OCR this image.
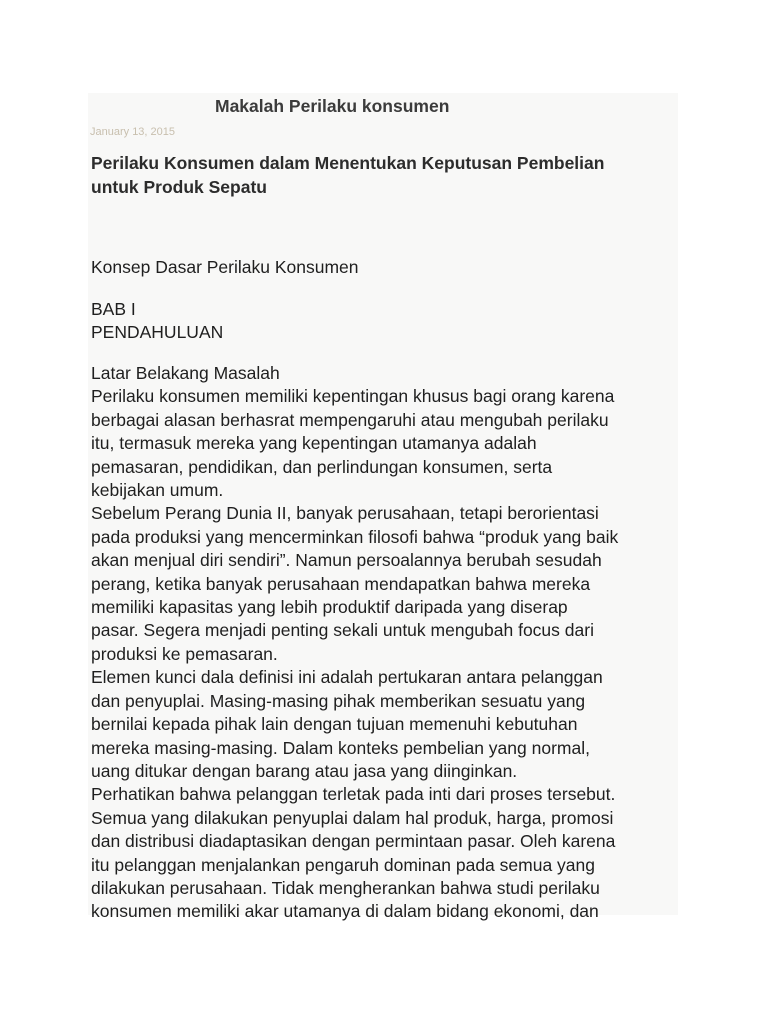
Makalah Perilaku konsumen
January 13, 2015
Perilaku Konsumen dalam Menentukan Keputusan Pembelian
untuk Produk Sepatu

Konsep Dasar Perilaku Konsumen

BAB I
PENDAHULUAN

Latar Belakang Masalah
Perilaku konsumen memiliki kepentingan khusus bagi orang karena
berbagai alasan berhasrat mempengaruhi atau mengubah perilaku
itu, termasuk mereka yang kepentingan utamanya adalah
pemasaran, pendidikan, dan perlindungan konsumen, serta
kebijakan umum.
Sebelum Perang Dunia II, banyak perusahaan, tetapi berorientasi
pada produksi yang mencerminkan filosofi bahwa “produk yang baik
akan menjual diri sendiri”. Namun persoalannya berubah sesudah
perang, ketika banyak perusahaan mendapatkan bahwa mereka
memiliki kapasitas yang lebih produktif daripada yang diserap
pasar. Segera menjadi penting sekali untuk mengubah focus dari
produksi ke pemasaran.
Elemen kunci dala definisi ini adalah pertukaran antara pelanggan
dan penyuplai. Masing-masing pihak memberikan sesuatu yang
bernilai kepada pihak lain dengan tujuan memenuhi kebutuhan
mereka masing-masing. Dalam konteks pembelian yang normal,
uang ditukar dengan barang atau jasa yang diinginkan.
Perhatikan bahwa pelanggan terletak pada inti dari proses tersebut.
Semua yang dilakukan penyuplai dalam hal produk, harga, promosi
dan distribusi diadaptasikan dengan permintaan pasar. Oleh karena
itu pelanggan menjalankan pengaruh dominan pada semua yang
dilakukan perusahaan. Tidak mengherankan bahwa studi perilaku
konsumen memiliki akar utamanya di dalam bidang ekonomi, dan
